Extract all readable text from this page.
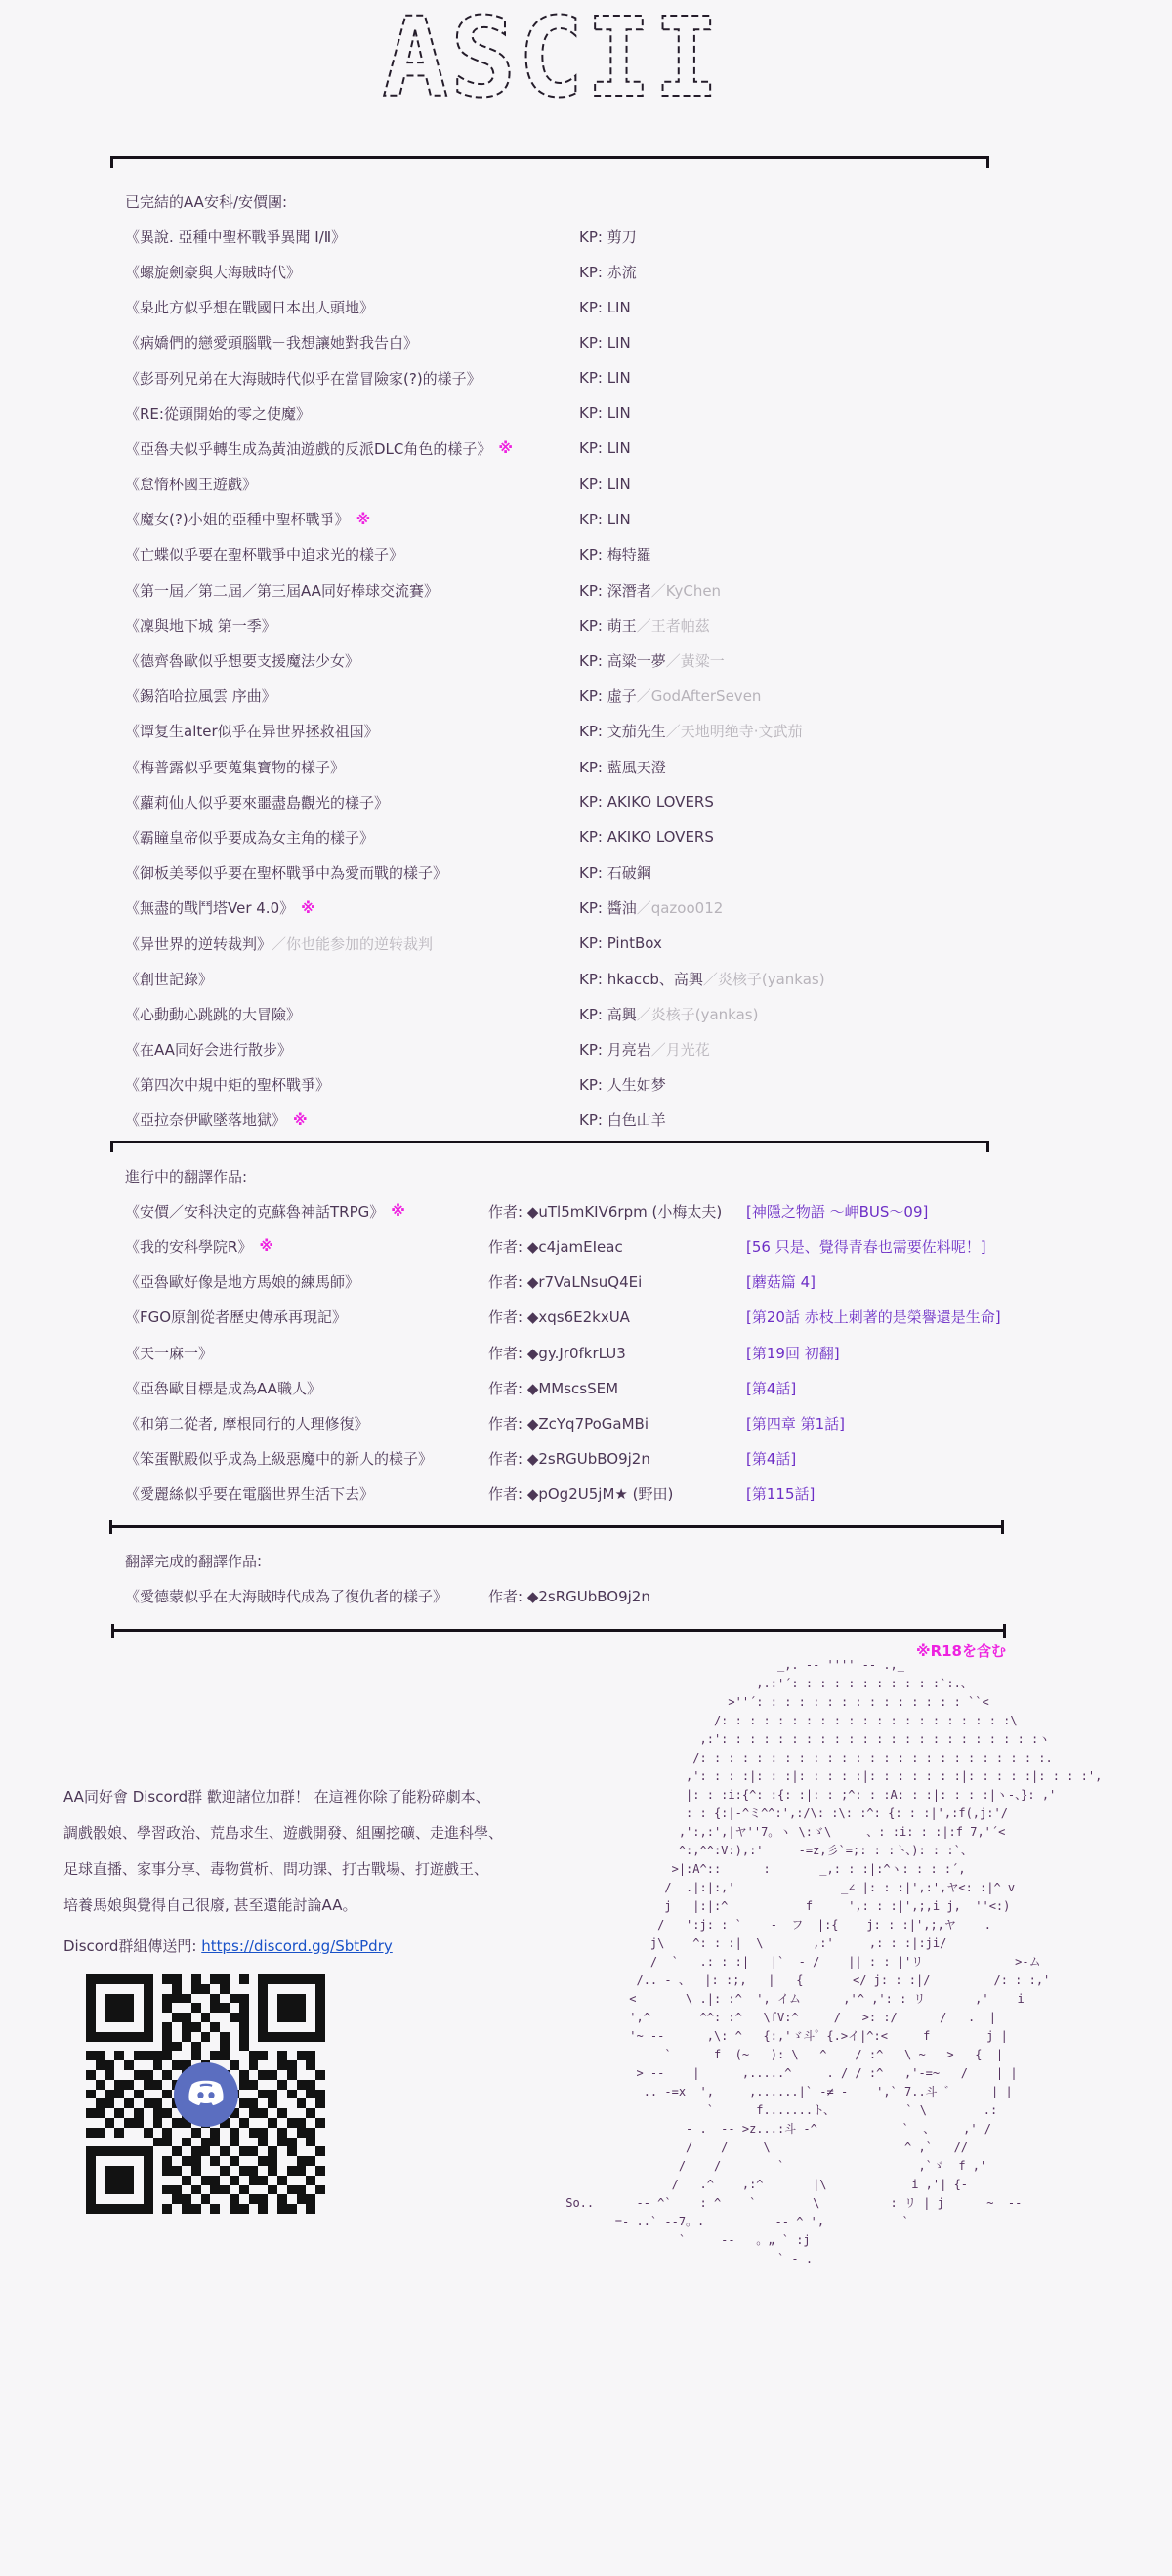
ASCII
已完結的AA安科/安價團:
《異說. 亞種中聖杯戰爭異聞 Ⅰ/Ⅱ》	KP: 剪刀
《螺旋劍豪與大海賊時代》	KP: 赤流
《泉此方似乎想在戰國日本出人頭地》	KP: LIN
《病嬌們的戀愛頭腦戰－我想讓她對我告白》	KP: LIN
《彭哥列兄弟在大海賊時代似乎在當冒險家(?)的樣子》	KP: LIN
《RE:從頭開始的零之使魔》	KP: LIN
《亞魯夫似乎轉生成為黃油遊戲的反派DLC角色的樣子》 ※	KP: LIN
《怠惰杯國王遊戲》	KP: LIN
《魔女(?)小姐的亞種中聖杯戰爭》 ※	KP: LIN
《亡蝶似乎要在聖杯戰爭中追求光的樣子》	KP: 梅特羅
《第一屆／第二屆／第三屆AA同好棒球交流賽》	KP: 深潛者／KyChen
《凜與地下城 第一季》	KP: 萌王／王者帕茲
《德齊魯歐似乎想要支援魔法少女》	KP: 高粱一夢／黃粱一
《錫箔哈拉風雲 序曲》	KP: 虛子／GodAfterSeven
《谭复生alter似乎在异世界拯救祖国》	KP: 文茄先生／天地明绝寺·文武茄
《梅普露似乎要蒐集寶物的樣子》	KP: 藍風天澄
《蘿莉仙人似乎要來噩盡島觀光的樣子》	KP: AKIKO LOVERS
《霸瞳皇帝似乎要成為女主角的樣子》	KP: AKIKO LOVERS
《御板美琴似乎要在聖杯戰爭中為愛而戰的樣子》	KP: 石破鋼
《無盡的戰鬥塔Ver 4.0》 ※	KP: 醬油／qazoo012
《异世界的逆转裁判》 ／你也能参加的逆转裁判	KP: PintBox
《創世記錄》	KP: hkaccb、高興／炎核子(yankas)
《心動動心跳跳的大冒險》	KP: 高興／炎核子(yankas)
《在AA同好会进行散步》	KP: 月亮岩／月光花
《第四次中規中矩的聖杯戰爭》	KP: 人生如梦
《亞拉奈伊歐墜落地獄》 ※	KP: 白色山羊
進行中的翻譯作品:
《安價／安科決定的克蘇魯神話TRPG》 ※	作者: ◆uTl5mKIV6rpm (小梅太夫)	[神隱之物語 ～岬BUS～09]
《我的安科學院R》 ※	作者: ◆c4jamEIeac	[56 只是、覺得青春也需要佐料呢！]
《亞魯歐好像是地方馬娘的練馬師》	作者: ◆r7VaLNsuQ4Ei	[蘑菇篇 4]
《FGO原創從者歷史傳承再現記》	作者: ◆xqs6E2kxUA	[第20話 赤枝上刺著的是榮譽還是生命]
《天一麻一》	作者: ◆gy.Jr0fkrLU3	[第19回 初翻]
《亞魯歐目標是成為AA職人》	作者: ◆MMscsSEM	[第4話]
《和第二從者, 摩根同行的人理修復》	作者: ◆ZcYq7PoGaMBi	[第四章 第1話]
《笨蛋獸殿似乎成為上級惡魔中的新人的樣子》	作者: ◆2sRGUbBO9j2n	[第4話]
《愛麗絲似乎要在電腦世界生活下去》	作者: ◆pOg2U5jM★ (野田)	[第115話]
翻譯完成的翻譯作品:
《愛德蒙似乎在大海賊時代成為了復仇者的樣子》	作者: ◆2sRGUbBO9j2n
※R18を含む
AA同好會 Discord群 歡迎諸位加群！ 在這裡你除了能粉碎劇本、
調戲骰娘、學習政治、荒島求生、遊戲開發、組團挖礦、走進科學、
足球直播、家事分享、毒物賞析、問功課、打古戰場、打遊戲王、
培養馬娘與覺得自己很廢, 甚至還能討論AA。
Discord群組傳送門: https://discord.gg/SbtPdry
_,. -‐ '''' ‐- .,_
,.:'´: : : : : : : : : : :`:.、
>''´: : : : : : : : : : : : : : : ``<
/: : : : : : : : : : : : : : : : : : : : :\
,:': : : : : : : : : : : : : : : : : : : : : : :ヽ
/: : : : : : : : : : : : : : : : : : : : : : : : :.
,': : : :|: : :|: : : : :|: : : : : : :|: : : : :|: : : :',
|: : :i:{^: :{: :|: : ;^: : :A: : :|: : : :|ヽ-、}: ,'
: : {:|-^ミ^^:',:/\: :\: :^: {: : :|',:f(,j:'/
,':,:',|ヤ''7。ヽ \:ゞ\     、: :i: : :|:f 7,'´<
^:,^^:V:),:'     -=z,彡`=;: : :ト、): : :`、
>|:A^::      :       _,: : :|:^ヽ: : : :´,
/  .|:|:,'               _∠ |: : :|',:',ヤ<: :|^ v
j   |:|:^           f     ',: : :|',;,i j,  ''<:)
/   ':j: : `    -  フ  |:{    j: : :|',;,ヤ    .
j\    ^: : :|  \       ,:'     ,: : :|:ji/
/  `   .: : :|   |`  - /    || : : |'リ             >-ム
/.. - 、  |: :;,   |   {       </ j: : :|/         /: : :,'
<       \ .|: :^  ', イム      ,'^ ,': : リ       ,'    i
',^       ^^: :^   \fV:^     /   >: :/      /   .  |
'~ --      ,\: ^   {:,'ゞ斗゜{.>イ|^:<     f        j |
`      f  (~   ): \   ^    / :^   \ ~   >   {  |
> --    |      ,.....^     . / / :^   ,'-=~   /    | |
.. -=x  ',     ,......|` -≠ -    ',` 7..斗 ゛     | |
`      f.......ト、          ` \        .:
- .  -- >z...:斗 -^            `  、    ,' /
/    /     \                   ^ ,`   //
/    /        `                   ,`ゞ  f ,'
/   .^    ,:^       |\            i ,'| {-
So..      -- ^`    : ^    `        \          : リ | j      ~  --
=- ..` --7。.          -- ^ ',           `
`     --   。„ ` :j
` - .
